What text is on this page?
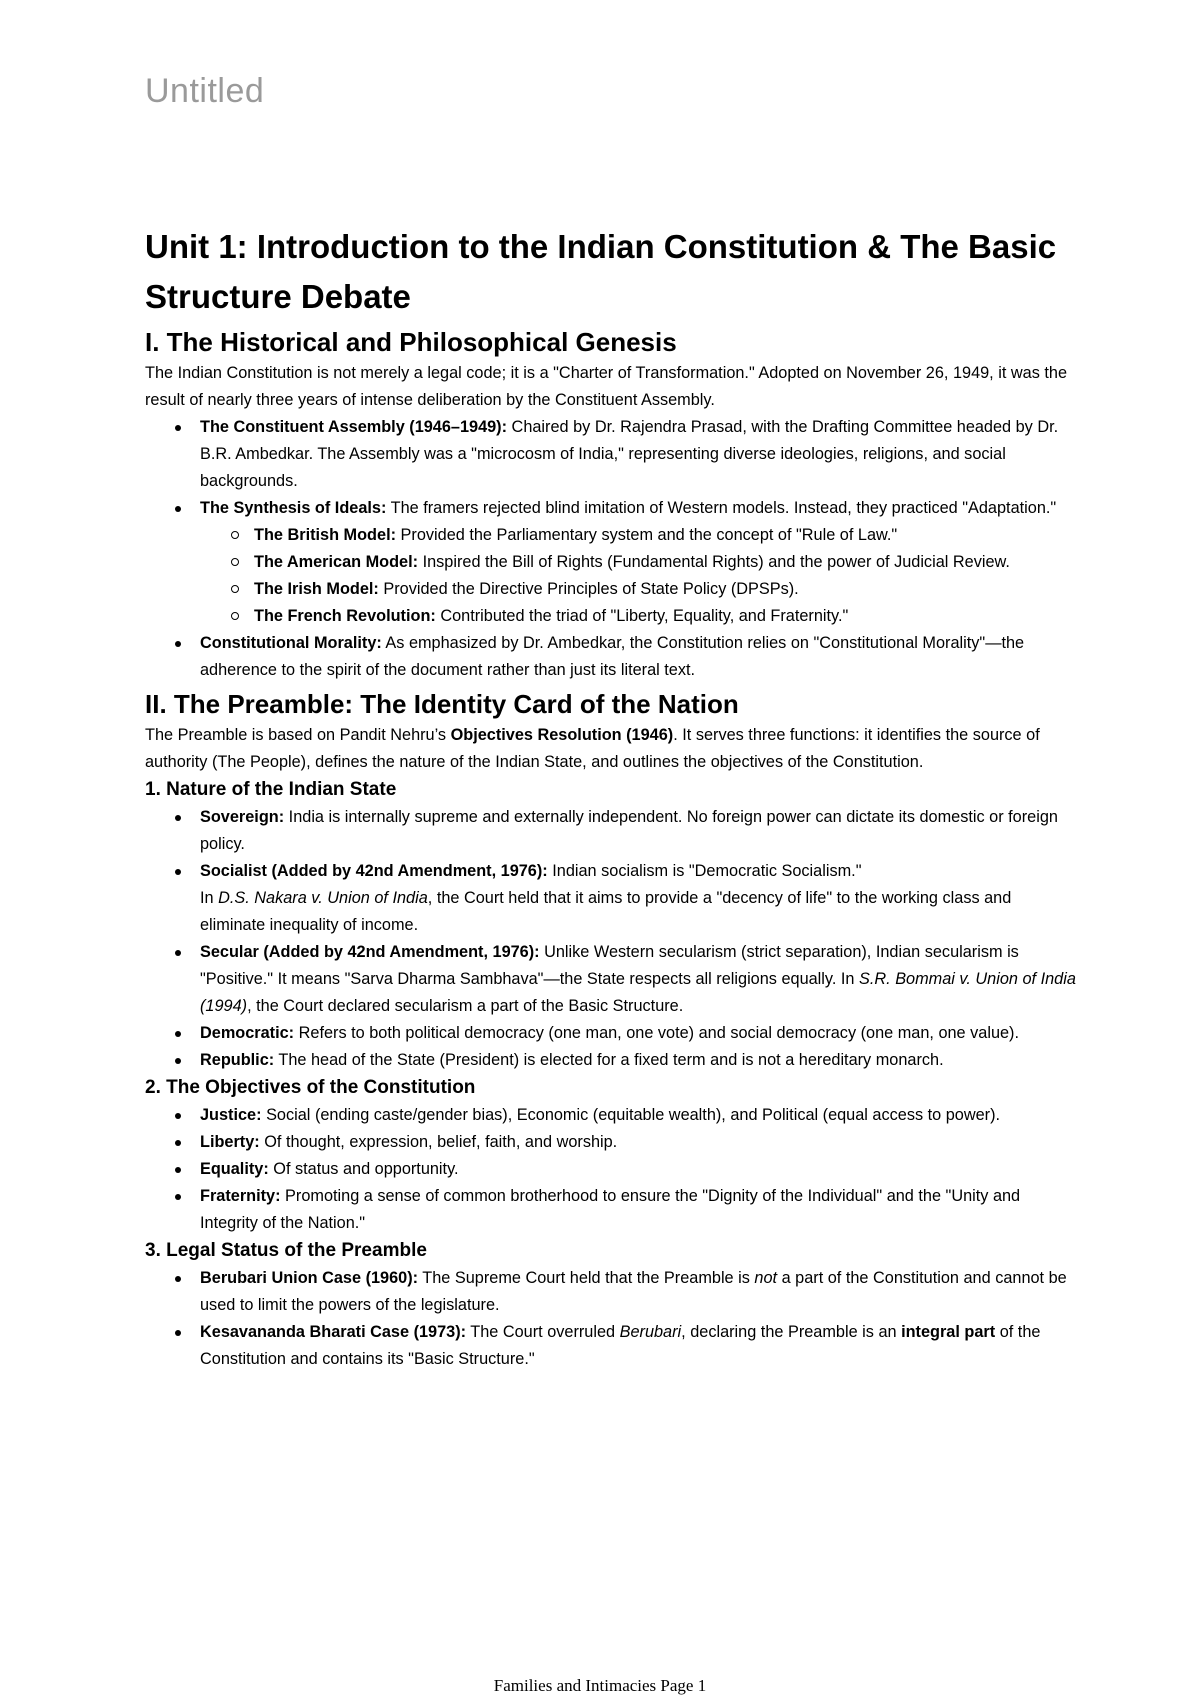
Untitled
Unit 1: Introduction to the Indian Constitution & The Basic Structure Debate
I. The Historical and Philosophical Genesis

The Indian Constitution is not merely a legal code; it is a "Charter of Transformation." Adopted on November 26, 1949, it was the result of nearly three years of intense deliberation by the Constituent Assembly.

The Constituent Assembly (1946–1949): Chaired by Dr. Rajendra Prasad, with the Drafting Committee headed by Dr. B.R. Ambedkar. The Assembly was a "microcosm of India," representing diverse ideologies, religions, and social backgrounds.
The Synthesis of Ideals: The framers rejected blind imitation of Western models. Instead, they practiced "Adaptation."
The British Model: Provided the Parliamentary system and the concept of "Rule of Law."
The American Model: Inspired the Bill of Rights (Fundamental Rights) and the power of Judicial Review.
The Irish Model: Provided the Directive Principles of State Policy (DPSPs).
The French Revolution: Contributed the triad of "Liberty, Equality, and Fraternity."
Constitutional Morality: As emphasized by Dr. Ambedkar, the Constitution relies on "Constitutional Morality"—the adherence to the spirit of the document rather than just its literal text.
II. The Preamble: The Identity Card of the Nation

The Preamble is based on Pandit Nehru’s Objectives Resolution (1946). It serves three functions: it identifies the source of authority (The People), defines the nature of the Indian State, and outlines the objectives of the Constitution.

1. Nature of the Indian State
Sovereign: India is internally supreme and externally independent. No foreign power can dictate its domestic or foreign policy.
Socialist (Added by 42nd Amendment, 1976): Indian socialism is "Democratic Socialism."
In D.S. Nakara v. Union of India, the Court held that it aims to provide a "decency of life" to the working class and eliminate inequality of income.
Secular (Added by 42nd Amendment, 1976): Unlike Western secularism (strict separation), Indian secularism is "Positive." It means "Sarva Dharma Sambhava"—the State respects all religions equally. In S.R. Bommai v. Union of India (1994), the Court declared secularism a part of the Basic Structure.
Democratic: Refers to both political democracy (one man, one vote) and social democracy (one man, one value).
Republic: The head of the State (President) is elected for a fixed term and is not a hereditary monarch.
2. The Objectives of the Constitution
Justice: Social (ending caste/gender bias), Economic (equitable wealth), and Political (equal access to power).
Liberty: Of thought, expression, belief, faith, and worship.
Equality: Of status and opportunity.
Fraternity: Promoting a sense of common brotherhood to ensure the "Dignity of the Individual" and the "Unity and Integrity of the Nation."
3. Legal Status of the Preamble
Berubari Union Case (1960): The Supreme Court held that the Preamble is not a part of the Constitution and cannot be used to limit the powers of the legislature.
Kesavananda Bharati Case (1973): The Court overruled Berubari, declaring the Preamble is an integral part of the Constitution and contains its "Basic Structure."
Families and Intimacies Page 1
